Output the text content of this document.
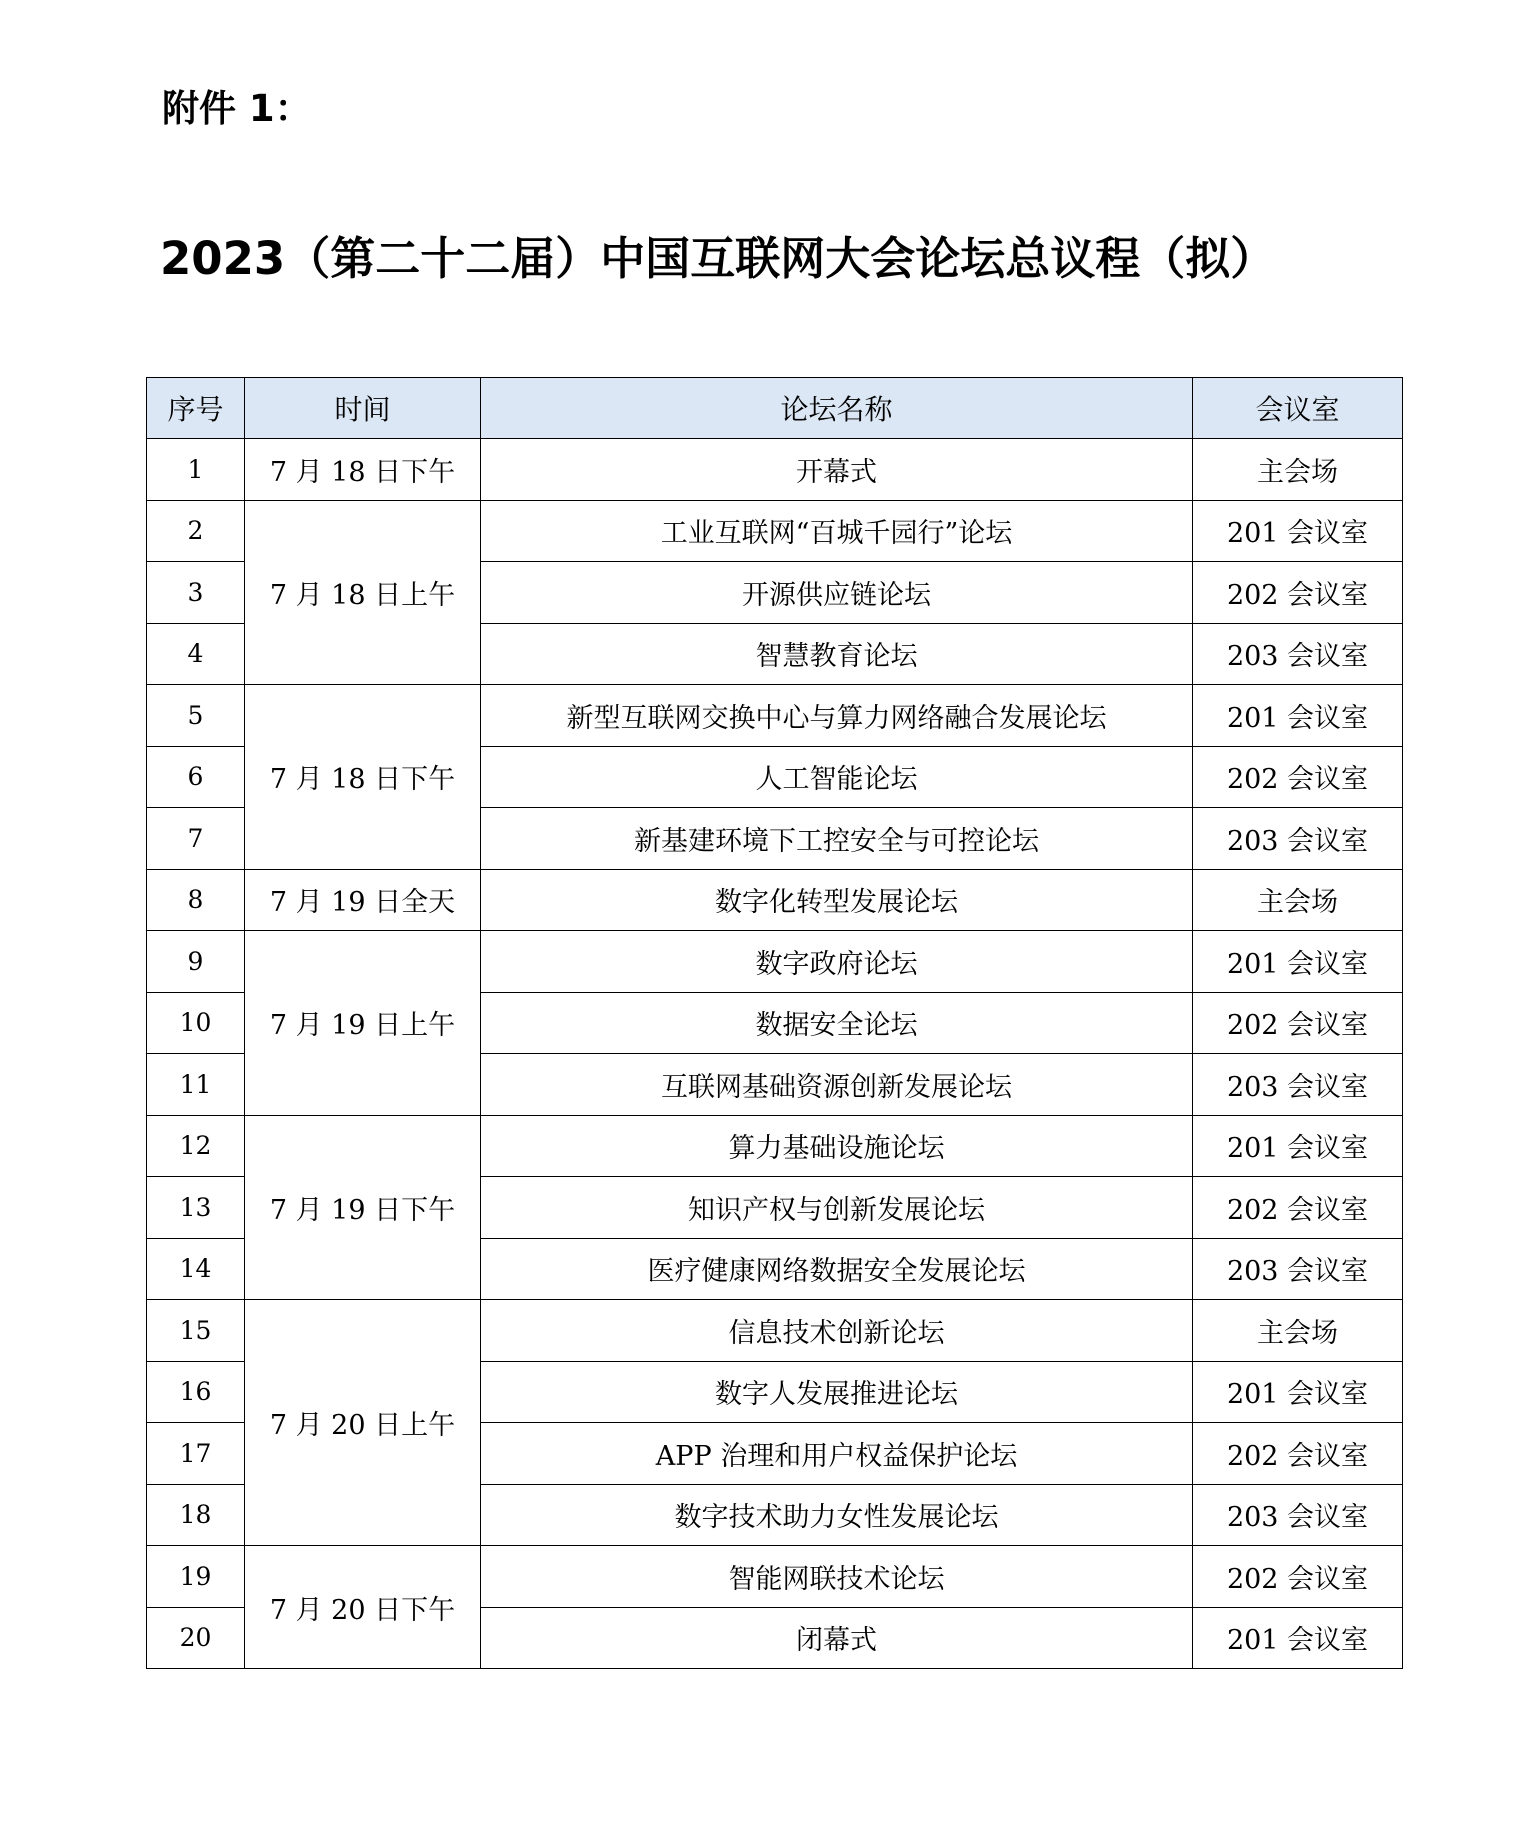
附件 1：

2023（第二十二届）中国互联网大会论坛总议程（拟）
序号	时间	论坛名称	会议室
1	7 月 18 日下午	开幕式	主会场
2	7 月 18 日上午	工业互联网“百城千园行”论坛	201 会议室
3		开源供应链论坛	202 会议室
4		智慧教育论坛	203 会议室
5	7 月 18 日下午	新型互联网交换中心与算力网络融合发展论坛	201 会议室
6		人工智能论坛	202 会议室
7		新基建环境下工控安全与可控论坛	203 会议室
8	7 月 19 日全天	数字化转型发展论坛	主会场
9	7 月 19 日上午	数字政府论坛	201 会议室
10		数据安全论坛	202 会议室
11		互联网基础资源创新发展论坛	203 会议室
12	7 月 19 日下午	算力基础设施论坛	201 会议室
13		知识产权与创新发展论坛	202 会议室
14		医疗健康网络数据安全发展论坛	203 会议室
15	7 月 20 日上午	信息技术创新论坛	主会场
16		数字人发展推进论坛	201 会议室
17		APP 治理和用户权益保护论坛	202 会议室
18		数字技术助力女性发展论坛	203 会议室
19	7 月 20 日下午	智能网联技术论坛	202 会议室
20		闭幕式	201 会议室
